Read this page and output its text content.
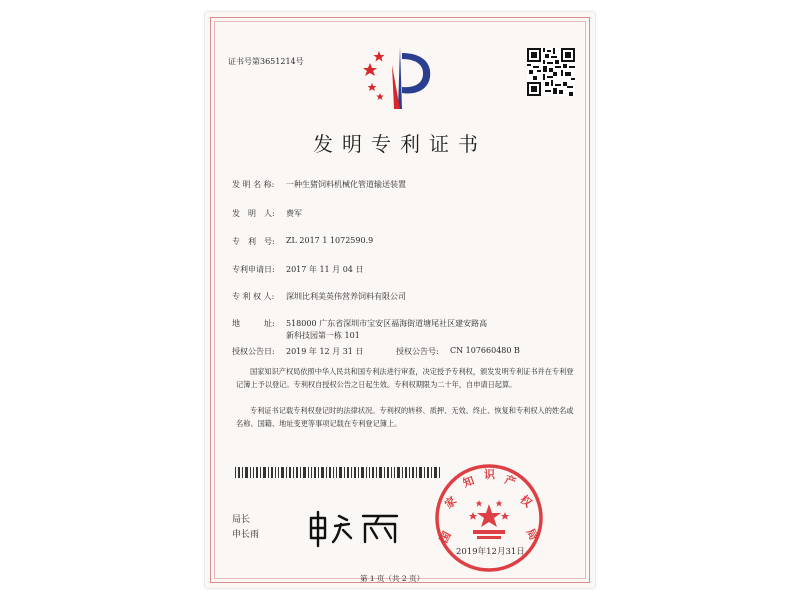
证书号第3651214号
发明专利证书
发 明 名 称: 一种生猪饲料机械化管道输送装置
发　明　人: 费军
专　利　号: ZL 2017 1 1072590.9
专利申请日: 2017 年 11 月 04 日
专 利 权 人: 深圳比利美英伟营养饲料有限公司
地　　　址: 518000 广东省深圳市宝安区福海街道塘尾社区建安路高
新科技园第一栋 101
授权公告日: 2019 年 12 月 31 日	授权公告号: CN 107660480 B
国家知识产权局依照中华人民共和国专利法进行审查，决定授予专利权，颁发发明专利证书并在专利登记簿上予以登记。专利权自授权公告之日起生效。专利权期限为二十年，自申请日起算。
专利证书记载专利权登记时的法律状况。专利权的转移、质押、无效、终止、恢复和专利权人的姓名或名称、国籍、地址变更等事项记载在专利登记簿上。
局长
申长雨	国
家
知 识 产
权
局
2019年12月31日
第 1 页（共 2 页）
